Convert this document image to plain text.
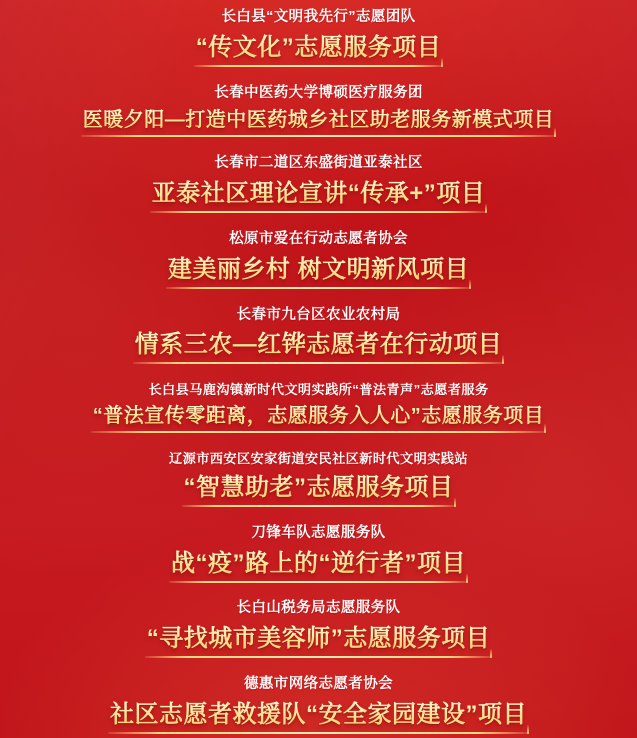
长白县“文明我先行”志愿团队
“传文化”志愿服务项目
长春中医药大学博硕医疗服务团
医暖夕阳—打造中医药城乡社区助老服务新模式项目
长春市二道区东盛街道亚泰社区
亚泰社区理论宣讲“传承+”项目
松原市爱在行动志愿者协会
建美丽乡村 树文明新风项目
长春市九台区农业农村局
情系三农—红铧志愿者在行动项目
长白县马鹿沟镇新时代文明实践所“普法青声”志愿者服务
“普法宣传零距离，志愿服务入人心”志愿服务项目
辽源市西安区安家街道安民社区新时代文明实践站
“智慧助老”志愿服务项目
刀锋车队志愿服务队
战“疫”路上的“逆行者”项目
长白山税务局志愿服务队
“寻找城市美容师”志愿服务项目
德惠市网络志愿者协会
社区志愿者救援队“安全家园建设”项目
